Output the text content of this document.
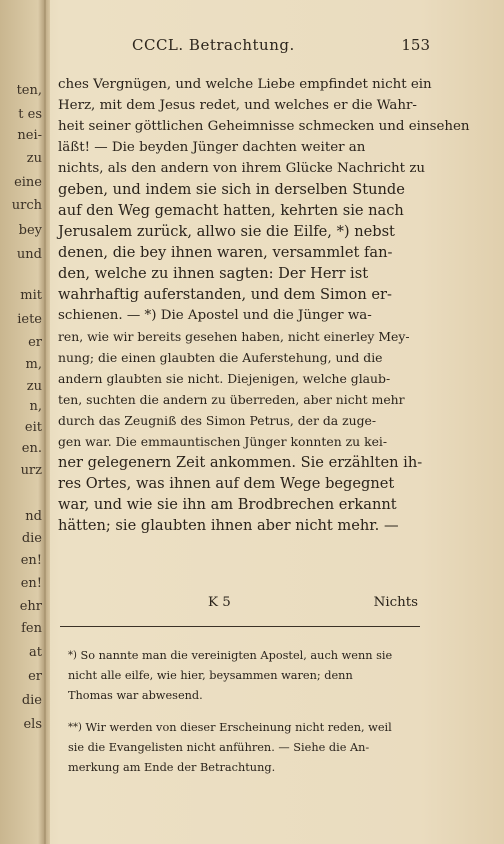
ten,
t es
nei-
zu
eine
urch
bey
und
mit
iete
er
m,
zu
n,
eit
en.
urz
nd
die
en!
en!
ehr
fen
at
er
die
els
CCCL. Betrachtung.	153
ches Vergnügen, und welche Liebe empfindet nicht ein
Herz, mit dem Jesus redet, und welches er die Wahr-
heit seiner göttlichen Geheimnisse schmecken und einsehen
läßt! — Die beyden Jünger dachten weiter an
nichts, als den andern von ihrem Glücke Nachricht zu
geben, und indem sie sich in derselben Stunde
auf den Weg gemacht hatten, kehrten sie nach
Jerusalem zurück, allwo sie die Eilfe, *) nebst
denen, die bey ihnen waren, versammlet fan-
den, welche zu ihnen sagten: Der Herr ist
wahrhaftig auferstanden, und dem Simon er-
schienen. — *) Die Apostel und die Jünger wa-
ren, wie wir bereits gesehen haben, nicht einerley Mey-
nung; die einen glaubten die Auferstehung, und die
andern glaubten sie nicht. Diejenigen, welche glaub-
ten, suchten die andern zu überreden, aber nicht mehr
durch das Zeugniß des Simon Petrus, der da zuge-
gen war. Die emmauntischen Jünger konnten zu kei-
ner gelegenern Zeit ankommen. Sie erzählten ih-
res Ortes, was ihnen auf dem Wege begegnet
war, und wie sie ihn am Brodbrechen erkannt
hätten; sie glaubten ihnen aber nicht mehr. —
K 5	Nichts
*) So nannte man die vereinigten Apostel, auch wenn sie
nicht alle eilfe, wie hier, beysammen waren; denn
Thomas war abwesend.
**) Wir werden von dieser Erscheinung nicht reden, weil
sie die Evangelisten nicht anführen. — Siehe die An-
merkung am Ende der Betrachtung.
